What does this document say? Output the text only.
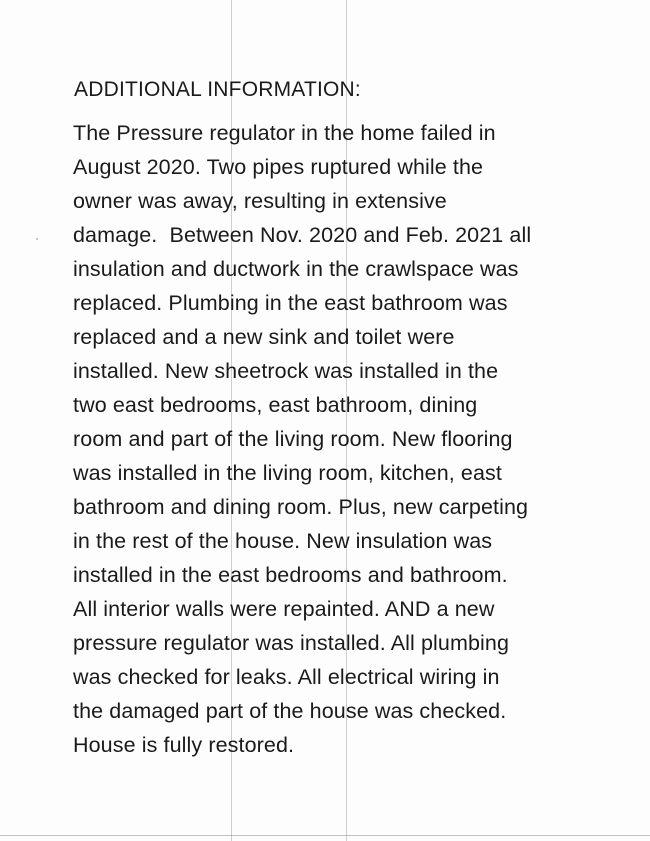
ADDITIONAL INFORMATION:
The Pressure regulator in the home failed in
August 2020. Two pipes ruptured while the
owner was away, resulting in extensive
damage.  Between Nov. 2020 and Feb. 2021 all
insulation and ductwork in the crawlspace was
replaced. Plumbing in the east bathroom was
replaced and a new sink and toilet were
installed. New sheetrock was installed in the
two east bedrooms, east bathroom, dining
room and part of the living room. New flooring
was installed in the living room, kitchen, east
bathroom and dining room. Plus, new carpeting
in the rest of the house. New insulation was
installed in the east bedrooms and bathroom.
All interior walls were repainted. AND a new
pressure regulator was installed. All plumbing
was checked for leaks. All electrical wiring in
the damaged part of the house was checked.
House is fully restored.
